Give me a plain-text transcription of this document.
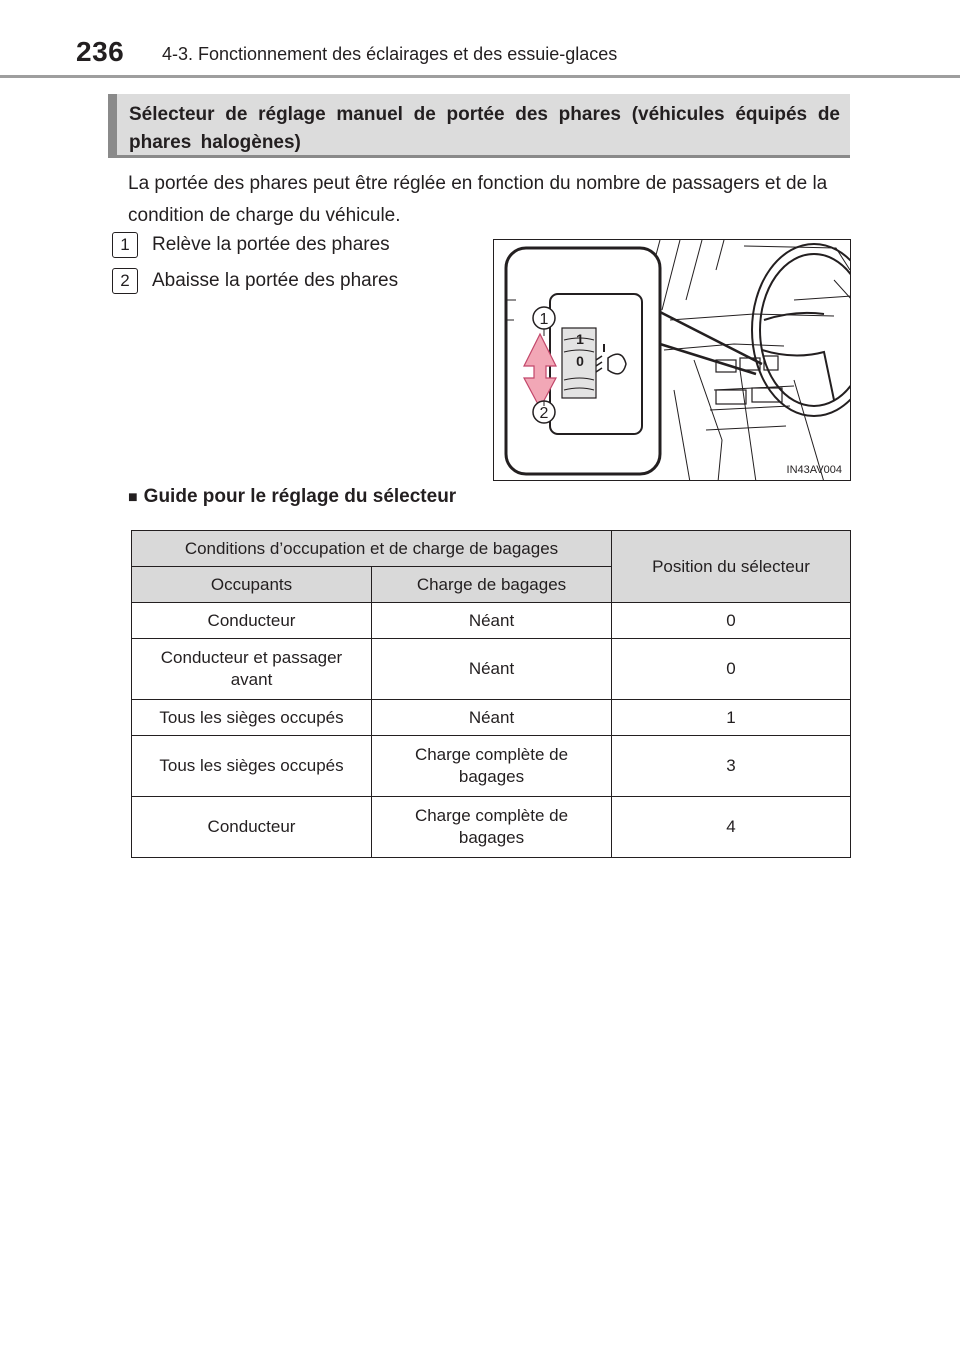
236 4-3. Fonctionnement des éclairages et des essuie-glaces
Sélecteur de réglage manuel de portée des phares (véhicules équipés de phares halogènes)
La portée des phares peut être réglée en fonction du nombre de passagers et de la condition de charge du véhicule.
1 Relève la portée des phares
2 Abaisse la portée des phares
1
2
1
0
IN43AV004
■ Guide pour le réglage du sélecteur
Conditions d’occupation et de charge de bagages		Position du sélecteur
Occupants	Charge de bagages	
Conducteur	Néant	0
Conducteur et passager avant	Néant	0
Tous les sièges occupés	Néant	1
Tous les sièges occupés	Charge complète de bagages	3
Conducteur	Charge complète de bagages	4
